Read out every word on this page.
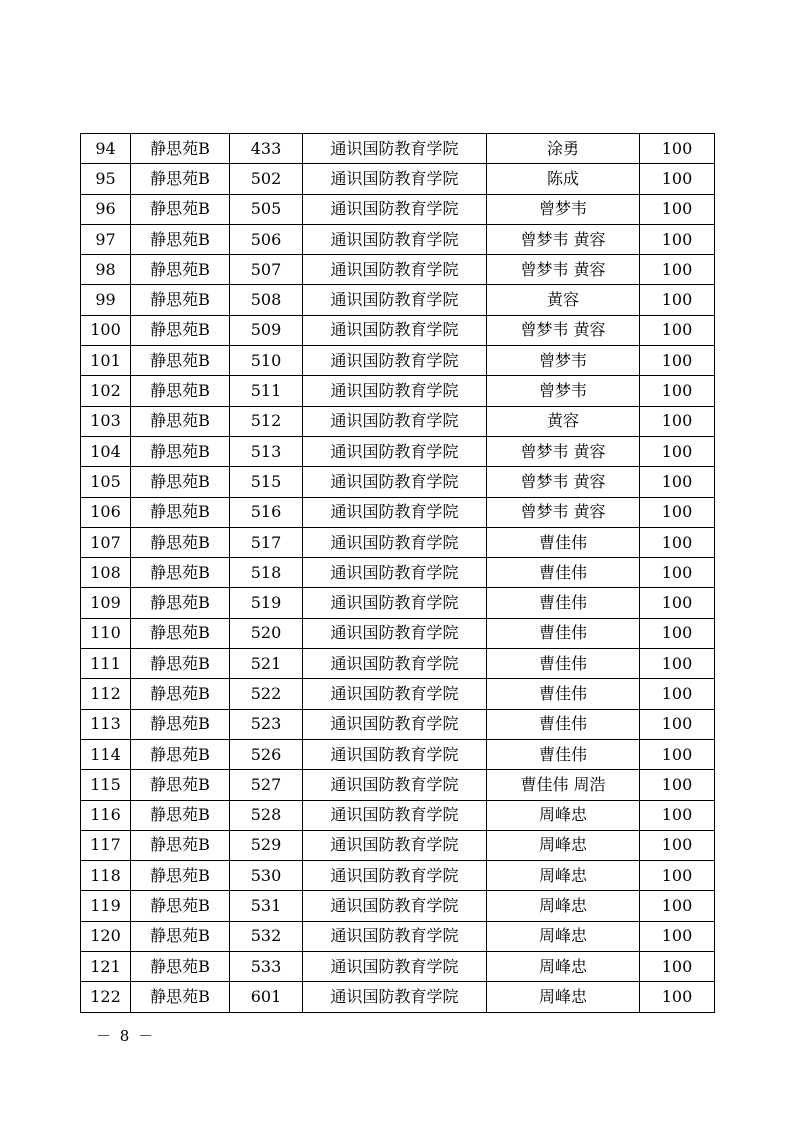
94	静思苑B	433	通识国防教育学院	涂勇	100
95	静思苑B	502	通识国防教育学院	陈成	100
96	静思苑B	505	通识国防教育学院	曾梦韦	100
97	静思苑B	506	通识国防教育学院	曾梦韦 黄容	100
98	静思苑B	507	通识国防教育学院	曾梦韦 黄容	100
99	静思苑B	508	通识国防教育学院	黄容	100
100	静思苑B	509	通识国防教育学院	曾梦韦 黄容	100
101	静思苑B	510	通识国防教育学院	曾梦韦	100
102	静思苑B	511	通识国防教育学院	曾梦韦	100
103	静思苑B	512	通识国防教育学院	黄容	100
104	静思苑B	513	通识国防教育学院	曾梦韦 黄容	100
105	静思苑B	515	通识国防教育学院	曾梦韦 黄容	100
106	静思苑B	516	通识国防教育学院	曾梦韦 黄容	100
107	静思苑B	517	通识国防教育学院	曹佳伟	100
108	静思苑B	518	通识国防教育学院	曹佳伟	100
109	静思苑B	519	通识国防教育学院	曹佳伟	100
110	静思苑B	520	通识国防教育学院	曹佳伟	100
111	静思苑B	521	通识国防教育学院	曹佳伟	100
112	静思苑B	522	通识国防教育学院	曹佳伟	100
113	静思苑B	523	通识国防教育学院	曹佳伟	100
114	静思苑B	526	通识国防教育学院	曹佳伟	100
115	静思苑B	527	通识国防教育学院	曹佳伟 周浩	100
116	静思苑B	528	通识国防教育学院	周峰忠	100
117	静思苑B	529	通识国防教育学院	周峰忠	100
118	静思苑B	530	通识国防教育学院	周峰忠	100
119	静思苑B	531	通识国防教育学院	周峰忠	100
120	静思苑B	532	通识国防教育学院	周峰忠	100
121	静思苑B	533	通识国防教育学院	周峰忠	100
122	静思苑B	601	通识国防教育学院	周峰忠	100
－ 8 －
